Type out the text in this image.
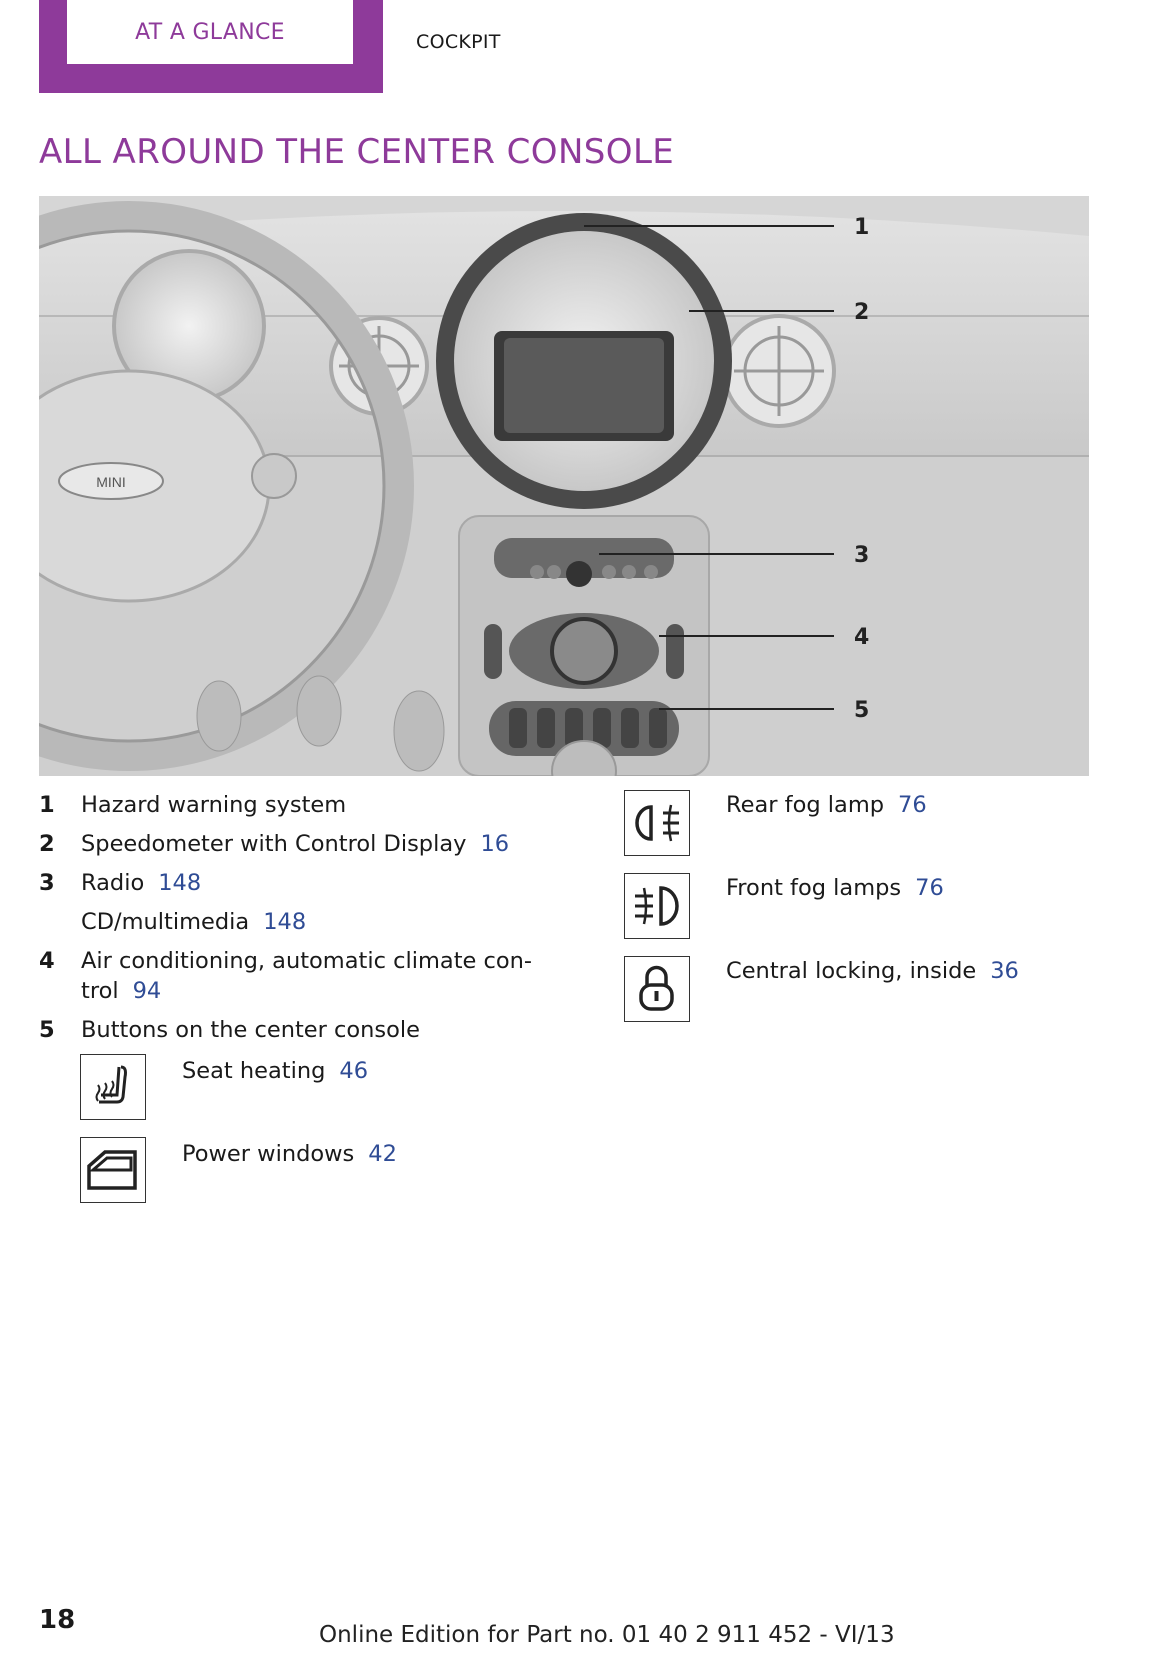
AT A GLANCE	COCKPIT
ALL AROUND THE CENTER CONSOLE
MINI
1
2
3
4
5
1 Hazard warning system
2 Speedometer with Control Display 16
3 Radio 148
CD/multimedia 148
4 Air conditioning, automatic climate con-
trol 94
5 Buttons on the center console
Seat heating 46
Power windows 42
Rear fog lamp 76
Front fog lamps 76
Central locking, inside 36
18	Online Edition for Part no. 01 40 2 911 452 - VI/13
